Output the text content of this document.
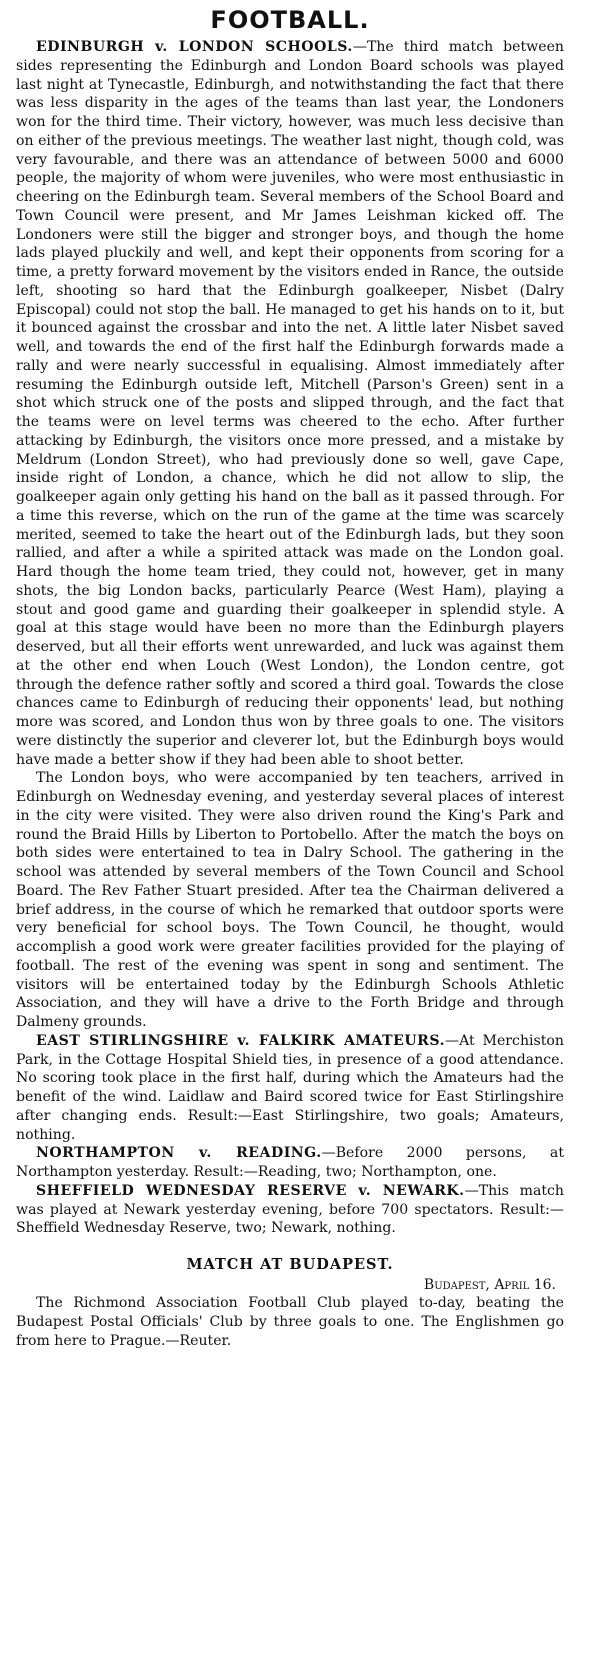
FOOTBALL.

EDINBURGH v. LONDON SCHOOLS.—The third match between sides representing the Edinburgh and London Board schools was played last night at Tynecastle, Edinburgh, and notwithstanding the fact that there was less disparity in the ages of the teams than last year, the Londoners won for the third time. Their victory, however, was much less decisive than on either of the previous meetings. The weather last night, though cold, was very favourable, and there was an attendance of between 5000 and 6000 people, the majority of whom were juveniles, who were most enthusiastic in cheering on the Edinburgh team. Several members of the School Board and Town Council were present, and Mr James Leishman kicked off. The Londoners were still the bigger and stronger boys, and though the home lads played pluckily and well, and kept their opponents from scoring for a time, a pretty forward movement by the visitors ended in Rance, the outside left, shooting so hard that the Edinburgh goalkeeper, Nisbet (Dalry Episcopal) could not stop the ball. He managed to get his hands on to it, but it bounced against the crossbar and into the net. A little later Nisbet saved well, and towards the end of the first half the Edinburgh forwards made a rally and were nearly successful in equalising. Almost immediately after resuming the Edinburgh outside left, Mitchell (Parson's Green) sent in a shot which struck one of the posts and slipped through, and the fact that the teams were on level terms was cheered to the echo. After further attacking by Edinburgh, the visitors once more pressed, and a mistake by Meldrum (London Street), who had previously done so well, gave Cape, inside right of London, a chance, which he did not allow to slip, the goalkeeper again only getting his hand on the ball as it passed through. For a time this reverse, which on the run of the game at the time was scarcely merited, seemed to take the heart out of the Edinburgh lads, but they soon rallied, and after a while a spirited attack was made on the London goal. Hard though the home team tried, they could not, however, get in many shots, the big London backs, particularly Pearce (West Ham), playing a stout and good game and guarding their goalkeeper in splendid style. A goal at this stage would have been no more than the Edinburgh players deserved, but all their efforts went unrewarded, and luck was against them at the other end when Louch (West London), the London centre, got through the defence rather softly and scored a third goal. Towards the close chances came to Edinburgh of reducing their opponents' lead, but nothing more was scored, and London thus won by three goals to one. The visitors were distinctly the superior and cleverer lot, but the Edinburgh boys would have made a better show if they had been able to shoot better.

The London boys, who were accompanied by ten teachers, arrived in Edinburgh on Wednesday evening, and yesterday several places of interest in the city were visited. They were also driven round the King's Park and round the Braid Hills by Liberton to Portobello. After the match the boys on both sides were entertained to tea in Dalry School. The gathering in the school was attended by several members of the Town Council and School Board. The Rev Father Stuart presided. After tea the Chairman delivered a brief address, in the course of which he remarked that outdoor sports were very beneficial for school boys. The Town Council, he thought, would accomplish a good work were greater facilities provided for the playing of football. The rest of the evening was spent in song and sentiment. The visitors will be entertained today by the Edinburgh Schools Athletic Association, and they will have a drive to the Forth Bridge and through Dalmeny grounds.

EAST STIRLINGSHIRE v. FALKIRK AMATEURS.—At Merchiston Park, in the Cottage Hospital Shield ties, in presence of a good attendance. No scoring took place in the first half, during which the Amateurs had the benefit of the wind. Laidlaw and Baird scored twice for East Stirlingshire after changing ends. Result:—East Stirlingshire, two goals; Amateurs, nothing.

NORTHAMPTON v. READING.—Before 2000 persons, at Northampton yesterday. Result:—Reading, two; Northampton, one.

SHEFFIELD WEDNESDAY RESERVE v. NEWARK.—This match was played at Newark yesterday evening, before 700 spectators. Result:—Sheffield Wednesday Reserve, two; Newark, nothing.

MATCH AT BUDAPEST.
Budapest, April 16.

The Richmond Association Football Club played to-day, beating the Budapest Postal Officials' Club by three goals to one. The Englishmen go from here to Prague.—Reuter.
